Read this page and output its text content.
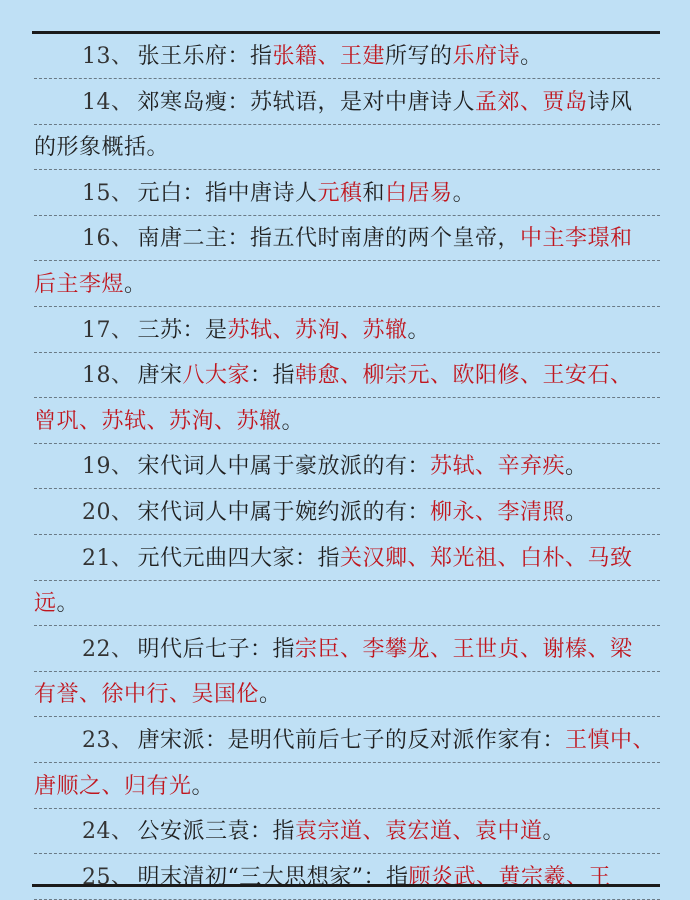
13、 张王乐府：指张籍、王建所写的乐府诗。
14、 郊寒岛瘦：苏轼语，是对中唐诗人孟郊、贾岛诗风
的形象概括。
15、 元白：指中唐诗人元稹和白居易。
16、 南唐二主：指五代时南唐的两个皇帝，中主李璟和
后主李煜。
17、 三苏：是苏轼、苏洵、苏辙。
18、 唐宋八大家：指韩愈、柳宗元、欧阳修、王安石、
曾巩、苏轼、苏洵、苏辙。
19、 宋代词人中属于豪放派的有：苏轼、辛弃疾。
20、 宋代词人中属于婉约派的有：柳永、李清照。
21、 元代元曲四大家：指关汉卿、郑光祖、白朴、马致
远。
22、 明代后七子：指宗臣、李攀龙、王世贞、谢榛、梁
有誉、徐中行、吴国伦。
23、 唐宋派：是明代前后七子的反对派作家有：王慎中、
唐顺之、归有光。
24、 公安派三袁：指袁宗道、袁宏道、袁中道。
25、 明末清初“三大思想家”：指顾炎武、黄宗羲、王
